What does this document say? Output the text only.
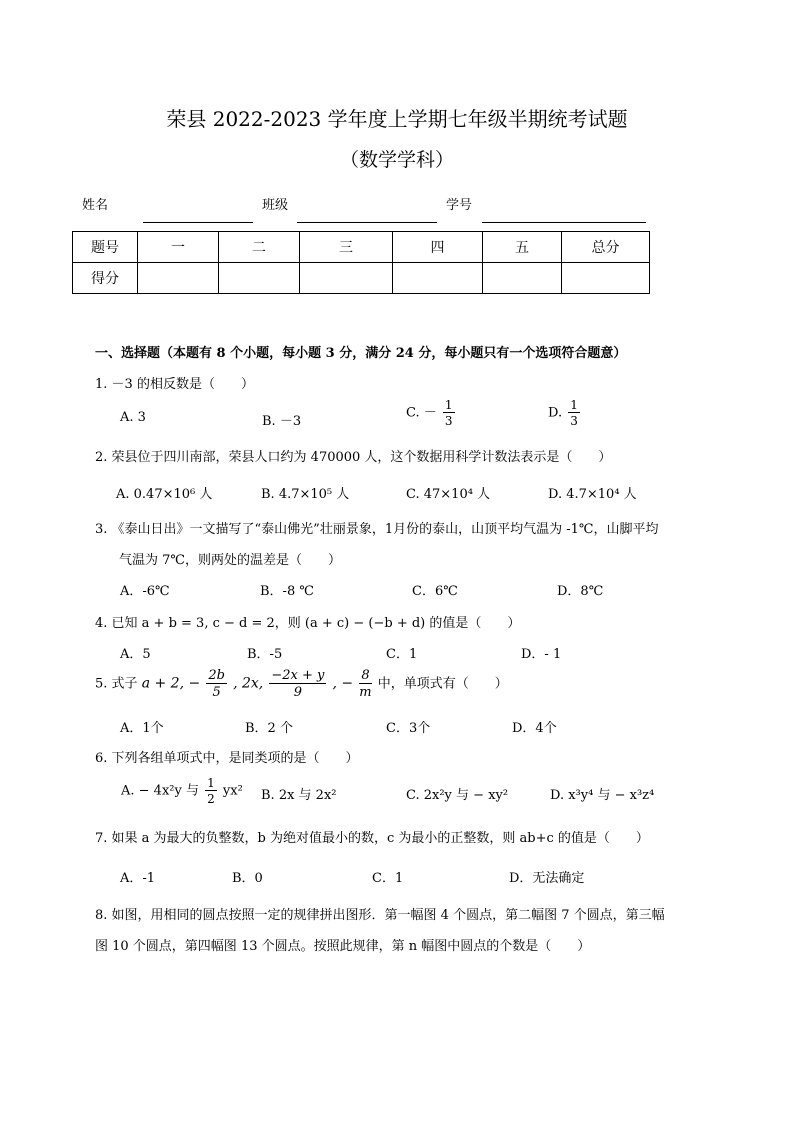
荣县 2022-2023 学年度上学期七年级半期统考试题
（数学学科）
姓名	班级	学号
题号	一	二	三	四	五	总分
得分						
一、选择题（本题有 8 个小题，每小题 3 分，满分 24 分，每小题只有一个选项符合题意）
1. －3 的相反数是（　　）
A. 3	B. －3
C. － $\frac{1}{3}$	D. $\frac{1}{3}$
2. 荣县位于四川南部，荣县人口约为 470000 人，这个数据用科学计数法表示是（　　）
A. 0.47×10⁶ 人	B. 4.7×10⁵ 人	C. 47×10⁴ 人	D. 4.7×10⁴ 人
3. 《泰山日出》一文描写了“泰山佛光”壮丽景象，1月份的泰山，山顶平均气温为 -1℃，山脚平均
气温为 7℃，则两处的温差是（　　）
A．-6℃	B．-8 ℃	C．6℃	D．8℃
4. 已知 a + b = 3, c − d = 2，则 (a + c) − (−b + d) 的值是（　　）
A．5	B．-5	C．1	D．- 1
5. 式子 a + 2, − $\frac{2b}{5}$ , 2x, $\frac{-2x + y}{9}$ , − $\frac{8}{m}$ 中，单项式有（　　）
A．1个	B．2 个	C．3个	D．4个
6. 下列各组单项式中，是同类项的是（　　）
A. − 4x²y 与 $\frac{1}{2} yx^2$ B. 2x 与 2x²	C. 2x²y 与 − xy²	D. x³y⁴ 与 − x³z⁴
7. 如果 a 为最大的负整数，b 为绝对值最小的数，c 为最小的正整数，则 ab+c 的值是（　　）
A．-1	B．0	C．1	D．无法确定
8. 如图，用相同的圆点按照一定的规律拼出图形．第一幅图 4 个圆点，第二幅图 7 个圆点，第三幅
图 10 个圆点，第四幅图 13 个圆点。按照此规律，第 n 幅图中圆点的个数是（　　）
